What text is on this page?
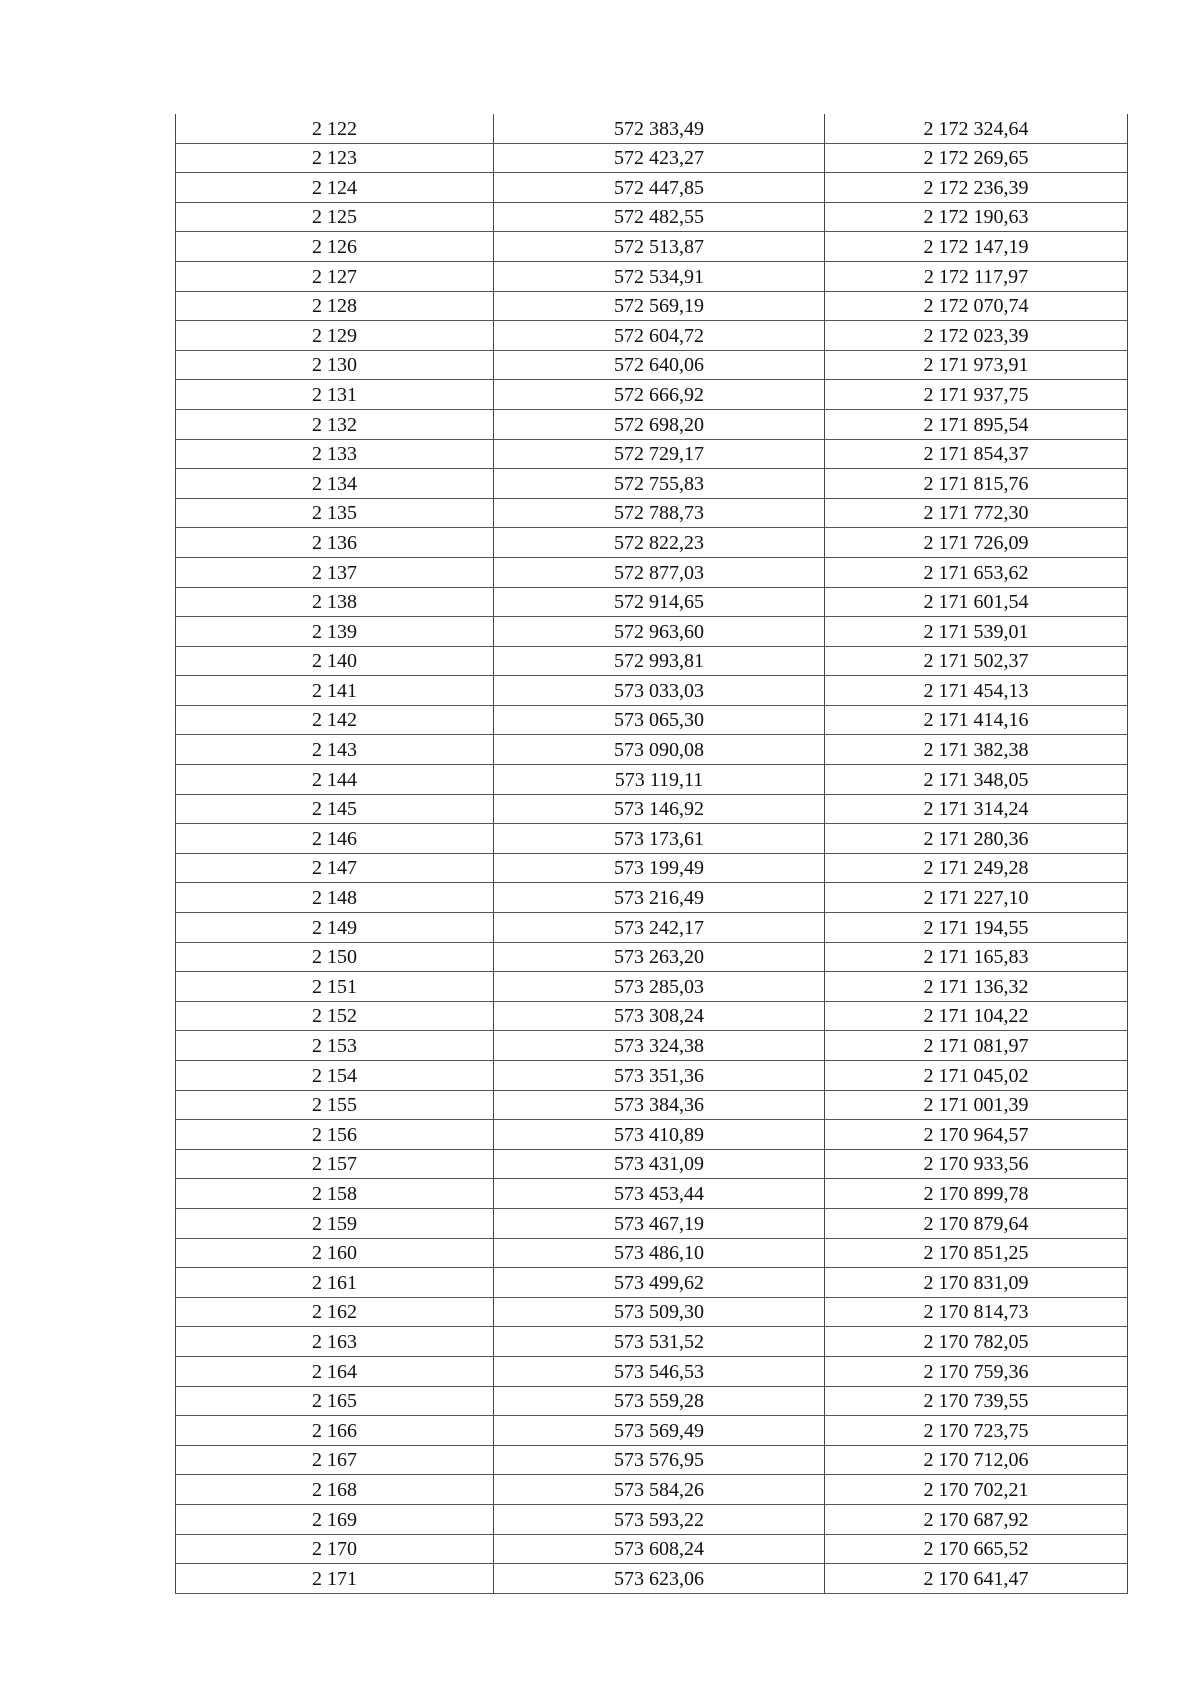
2 122	572 383,49	2 172 324,64
2 123	572 423,27	2 172 269,65
2 124	572 447,85	2 172 236,39
2 125	572 482,55	2 172 190,63
2 126	572 513,87	2 172 147,19
2 127	572 534,91	2 172 117,97
2 128	572 569,19	2 172 070,74
2 129	572 604,72	2 172 023,39
2 130	572 640,06	2 171 973,91
2 131	572 666,92	2 171 937,75
2 132	572 698,20	2 171 895,54
2 133	572 729,17	2 171 854,37
2 134	572 755,83	2 171 815,76
2 135	572 788,73	2 171 772,30
2 136	572 822,23	2 171 726,09
2 137	572 877,03	2 171 653,62
2 138	572 914,65	2 171 601,54
2 139	572 963,60	2 171 539,01
2 140	572 993,81	2 171 502,37
2 141	573 033,03	2 171 454,13
2 142	573 065,30	2 171 414,16
2 143	573 090,08	2 171 382,38
2 144	573 119,11	2 171 348,05
2 145	573 146,92	2 171 314,24
2 146	573 173,61	2 171 280,36
2 147	573 199,49	2 171 249,28
2 148	573 216,49	2 171 227,10
2 149	573 242,17	2 171 194,55
2 150	573 263,20	2 171 165,83
2 151	573 285,03	2 171 136,32
2 152	573 308,24	2 171 104,22
2 153	573 324,38	2 171 081,97
2 154	573 351,36	2 171 045,02
2 155	573 384,36	2 171 001,39
2 156	573 410,89	2 170 964,57
2 157	573 431,09	2 170 933,56
2 158	573 453,44	2 170 899,78
2 159	573 467,19	2 170 879,64
2 160	573 486,10	2 170 851,25
2 161	573 499,62	2 170 831,09
2 162	573 509,30	2 170 814,73
2 163	573 531,52	2 170 782,05
2 164	573 546,53	2 170 759,36
2 165	573 559,28	2 170 739,55
2 166	573 569,49	2 170 723,75
2 167	573 576,95	2 170 712,06
2 168	573 584,26	2 170 702,21
2 169	573 593,22	2 170 687,92
2 170	573 608,24	2 170 665,52
2 171	573 623,06	2 170 641,47
